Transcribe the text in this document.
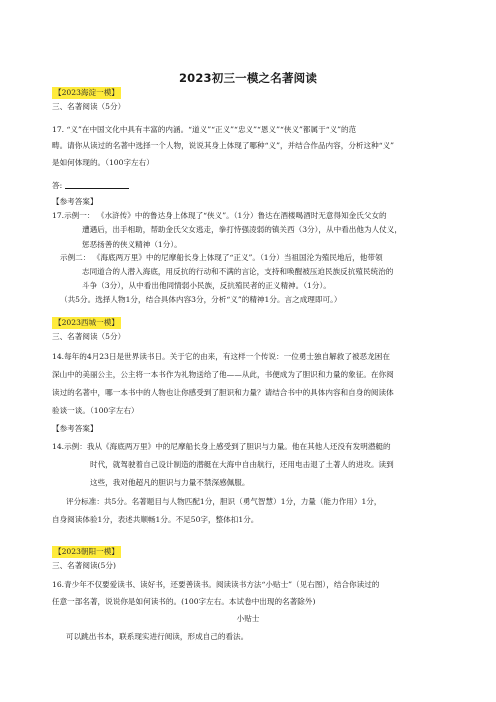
2023初三一模之名著阅读
【2023海淀一模】
三、名著阅读（5分）
17. “义”在中国文化中具有丰富的内涵。“道义”“正义”“忠义”“恩义”“侠义”都属于“义”的范
畴。请你从读过的名著中选择一个人物，说说其身上体现了哪种“义”，并结合作品内容，分析这种“义”
是如何体现的。（100字左右）
答:
【参考答案】
17.示例一： 《水浒传》中的鲁达身上体现了“侠义”。（1分）鲁达在酒楼喝酒时无意得知金氏父女的
遭遇后，出手相助，帮助金氏父女逃走，拳打恃强凌弱的镇关西（3分），从中看出他为人仗义，
惩恶扬善的侠义精神（1分）。
示例二： 《海底两万里》中的尼摩船长身上体现了“正义”。（1分）当祖国沦为殖民地后，他带领
志同道合的人潜入海底，用反抗的行动和不满的言论，支持和唤醒被压迫民族反抗殖民统治的
斗争（3分），从中看出他同情弱小民族，反抗殖民者的正义精神。（1分）。
（共5分。选择人物1分，结合具体内容3分，分析“义”的精神1分。言之成理即可。）
【2023西城一模】
三、名著阅读（5分）
14.每年的4月23日是世界读书日。关于它的由来，有这样一个传说：一位勇士独自解救了被恶龙困在
深山中的美丽公主，公主将一本书作为礼物送给了他——从此，书便成为了胆识和力量的象征。在你阅
读过的名著中，哪一本书中的人物也让你感受到了胆识和力量？请结合书中的具体内容和自身的阅读体
验谈一谈。（100字左右）
【参考答案】
14.示例：我从《海底两万里》中的尼摩船长身上感受到了胆识与力量。他在其他人还没有发明潜艇的
时代，就驾驶着自己设计制造的潜艇在大海中自由航行，还用电击退了土著人的进攻。读到
这些，我对他超凡的胆识与力量不禁深感佩服。
评分标准：共5分。名著题目与人物匹配1分，胆识（勇气智慧）1分，力量（能力作用）1分，
自身阅读体验1分，表述共顺畅1分。不足50字，整体扣1分。
【2023朝阳一模】
三、名著阅读(5分)
16.青少年不仅要爱读书、读好书，还要善读书。阅读读书方法“小贴士”（见右图），结合你读过的
任意一部名著，说说你是如何读书的。(100字左右。本试卷中出现的名著除外)
小贴士
可以跳出书本，联系现实进行阅读，形成自己的看法。
